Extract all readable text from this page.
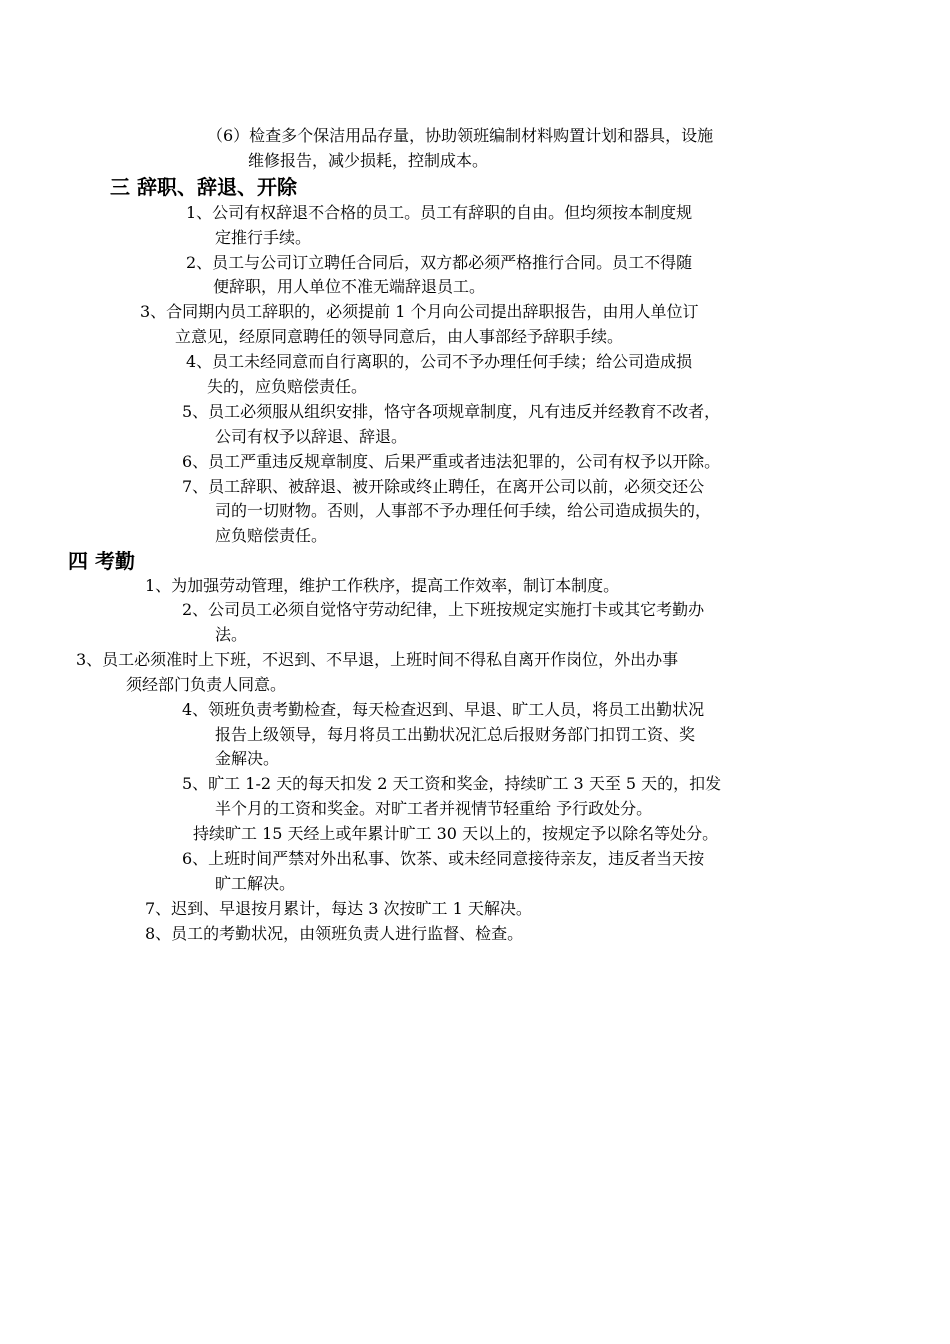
（6）检查多个保洁用品存量，协助领班编制材料购置计划和器具，设施
维修报告，减少损耗，控制成本。
三 辞职、辞退、开除
1、公司有权辞退不合格的员工。员工有辞职的自由。但均须按本制度规
定推行手续。
2、员工与公司订立聘任合同后，双方都必须严格推行合同。员工不得随
便辞职，用人单位不准无端辞退员工。
3、合同期内员工辞职的，必须提前 1 个月向公司提出辞职报告，由用人单位订
立意见，经原同意聘任的领导同意后，由人事部经予辞职手续。
4、员工未经同意而自行离职的，公司不予办理任何手续；给公司造成损
失的，应负赔偿责任。
5、员工必须服从组织安排，恪守各项规章制度，凡有违反并经教育不改者，
公司有权予以辞退、辞退。
6、员工严重违反规章制度、后果严重或者违法犯罪的，公司有权予以开除。
7、员工辞职、被辞退、被开除或终止聘任，在离开公司以前，必须交还公
司的一切财物。否则，人事部不予办理任何手续，给公司造成损失的，
应负赔偿责任。
四 考勤
1、为加强劳动管理，维护工作秩序，提高工作效率，制订本制度。
2、公司员工必须自觉恪守劳动纪律，上下班按规定实施打卡或其它考勤办
法。
3、员工必须准时上下班，不迟到、不早退，上班时间不得私自离开作岗位，外出办事
须经部门负责人同意。
4、领班负责考勤检查，每天检查迟到、早退、旷工人员，将员工出勤状况
报告上级领导，每月将员工出勤状况汇总后报财务部门扣罚工资、奖
金解决。
5、旷工 1-2 天的每天扣发 2 天工资和奖金，持续旷工 3 天至 5 天的，扣发
半个月的工资和奖金。对旷工者并视情节轻重给 予行政处分。
持续旷工 15 天经上或年累计旷工 30 天以上的，按规定予以除名等处分。
6、上班时间严禁对外出私事、饮茶、或未经同意接待亲友，违反者当天按
旷工解决。
7、迟到、早退按月累计，每达 3 次按旷工 1 天解决。
8、员工的考勤状况，由领班负责人进行监督、检查。
